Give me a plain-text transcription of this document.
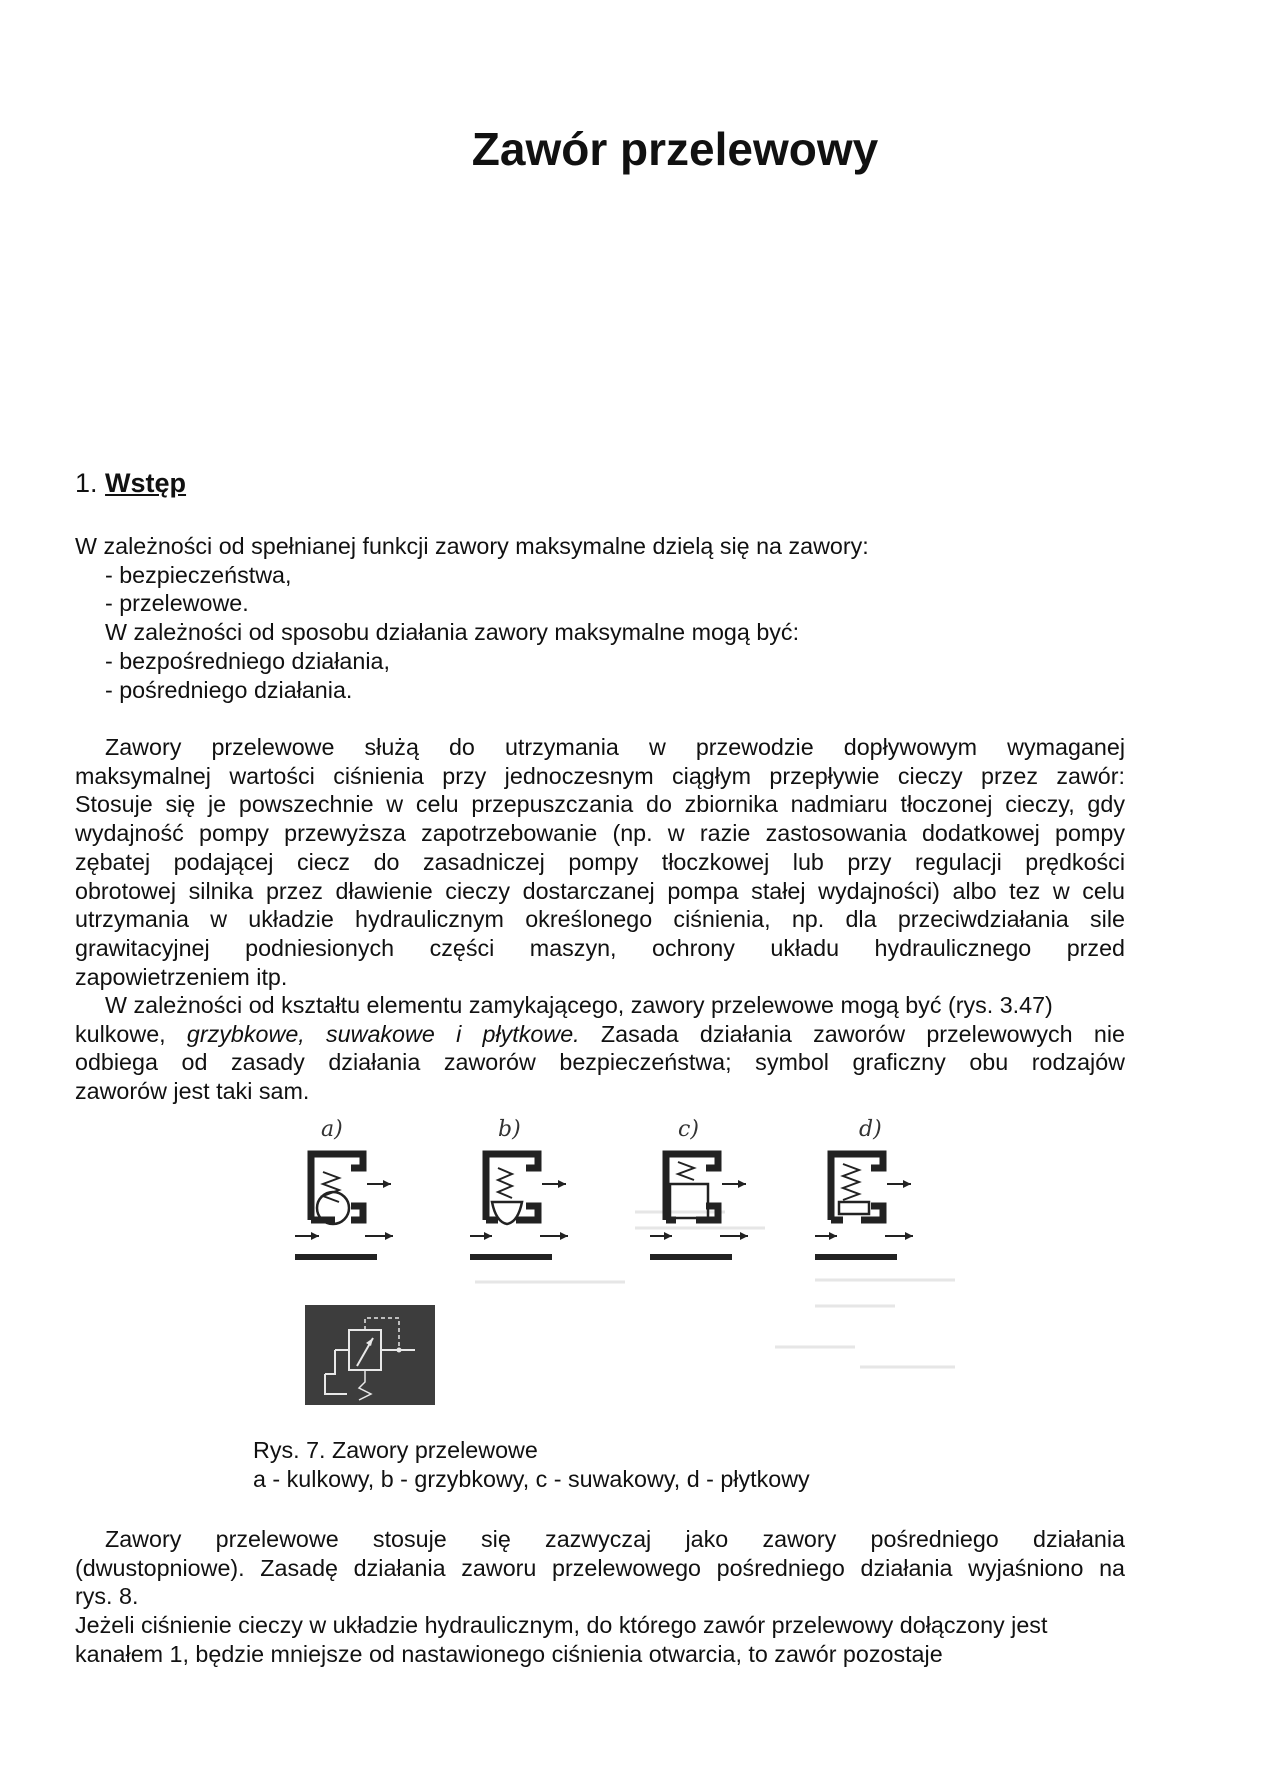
Zawór przelewowy
1. Wstęp
W zależności od spełnianej funkcji zawory maksymalne dzielą się na zawory:
- bezpieczeństwa,
- przelewowe.
W zależności od sposobu działania zawory maksymalne mogą być:
- bezpośredniego działania,
- pośredniego działania.
Zawory przelewowe służą do utrzymania w przewodzie dopływowym wymaganej
maksymalnej wartości ciśnienia przy jednoczesnym ciągłym przepływie cieczy przez zawór:
Stosuje się je powszechnie w celu przepuszczania do zbiornika nadmiaru tłoczonej cieczy, gdy
wydajność pompy przewyższa zapotrzebowanie (np. w razie zastosowania dodatkowej pompy
zębatej podającej ciecz do zasadniczej pompy tłoczkowej lub przy regulacji prędkości
obrotowej silnika przez dławienie cieczy dostarczanej pompa stałej wydajności) albo tez w celu
utrzymania w układzie hydraulicznym określonego ciśnienia, np. dla przeciwdziałania sile
grawitacyjnej podniesionych części maszyn, ochrony układu hydraulicznego przed
zapowietrzeniem itp.
W zależności od kształtu elementu zamykającego, zawory przelewowe mogą być (rys. 3.47)
kulkowe, grzybkowe, suwakowe i płytkowe. Zasada działania zaworów przelewowych nie
odbiega od zasady działania zaworów bezpieczeństwa; symbol graficzny obu rodzajów
zaworów jest taki sam.
a)	b)	c)	d)
Rys. 7. Zawory przelewowe
a - kulkowy, b - grzybkowy, c - suwakowy, d - płytkowy
Zawory przelewowe stosuje się zazwyczaj jako zawory pośredniego działania
(dwustopniowe). Zasadę działania zaworu przelewowego pośredniego działania wyjaśniono na
rys. 8.
Jeżeli ciśnienie cieczy w układzie hydraulicznym, do którego zawór przelewowy dołączony jest
kanałem 1, będzie mniejsze od nastawionego ciśnienia otwarcia, to zawór pozostaje
